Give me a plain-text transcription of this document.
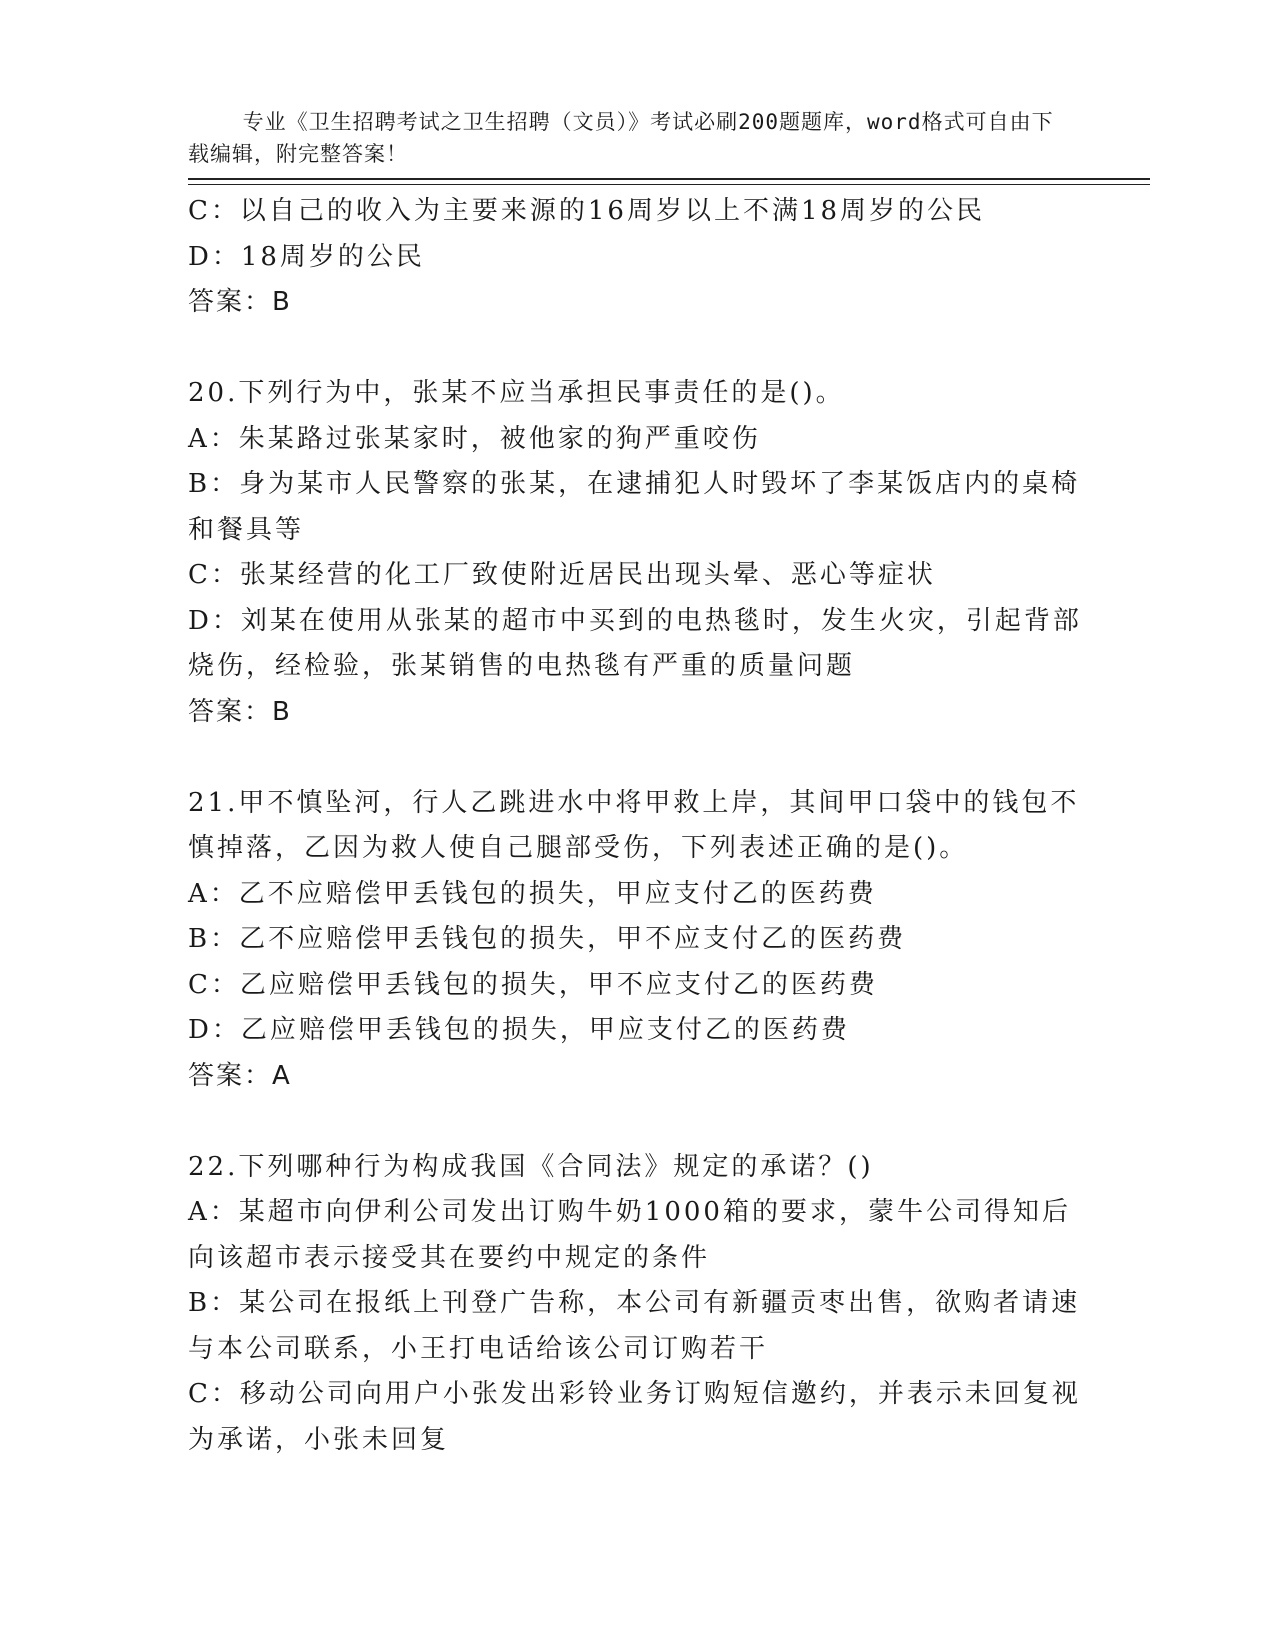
专业《卫生招聘考试之卫生招聘（文员）》考试必刷200题题库，word格式可自由下载编辑，附完整答案！

C：以自己的收入为主要来源的16周岁以上不满18周岁的公民
D：18周岁的公民
答案：B
20.下列行为中，张某不应当承担民事责任的是()。
A：朱某路过张某家时，被他家的狗严重咬伤
B：身为某市人民警察的张某，在逮捕犯人时毁坏了李某饭店内的桌椅
和餐具等
C：张某经营的化工厂致使附近居民出现头晕、恶心等症状
D：刘某在使用从张某的超市中买到的电热毯时，发生火灾，引起背部
烧伤，经检验，张某销售的电热毯有严重的质量问题
答案：B
21.甲不慎坠河，行人乙跳进水中将甲救上岸，其间甲口袋中的钱包不
慎掉落，乙因为救人使自己腿部受伤，下列表述正确的是()。
A：乙不应赔偿甲丢钱包的损失，甲应支付乙的医药费
B：乙不应赔偿甲丢钱包的损失，甲不应支付乙的医药费
C：乙应赔偿甲丢钱包的损失，甲不应支付乙的医药费
D：乙应赔偿甲丢钱包的损失，甲应支付乙的医药费
答案：A
22.下列哪种行为构成我国《合同法》规定的承诺？()
A：某超市向伊利公司发出订购牛奶1000箱的要求，蒙牛公司得知后
向该超市表示接受其在要约中规定的条件
B：某公司在报纸上刊登广告称，本公司有新疆贡枣出售，欲购者请速
与本公司联系，小王打电话给该公司订购若干
C：移动公司向用户小张发出彩铃业务订购短信邀约，并表示未回复视
为承诺，小张未回复
